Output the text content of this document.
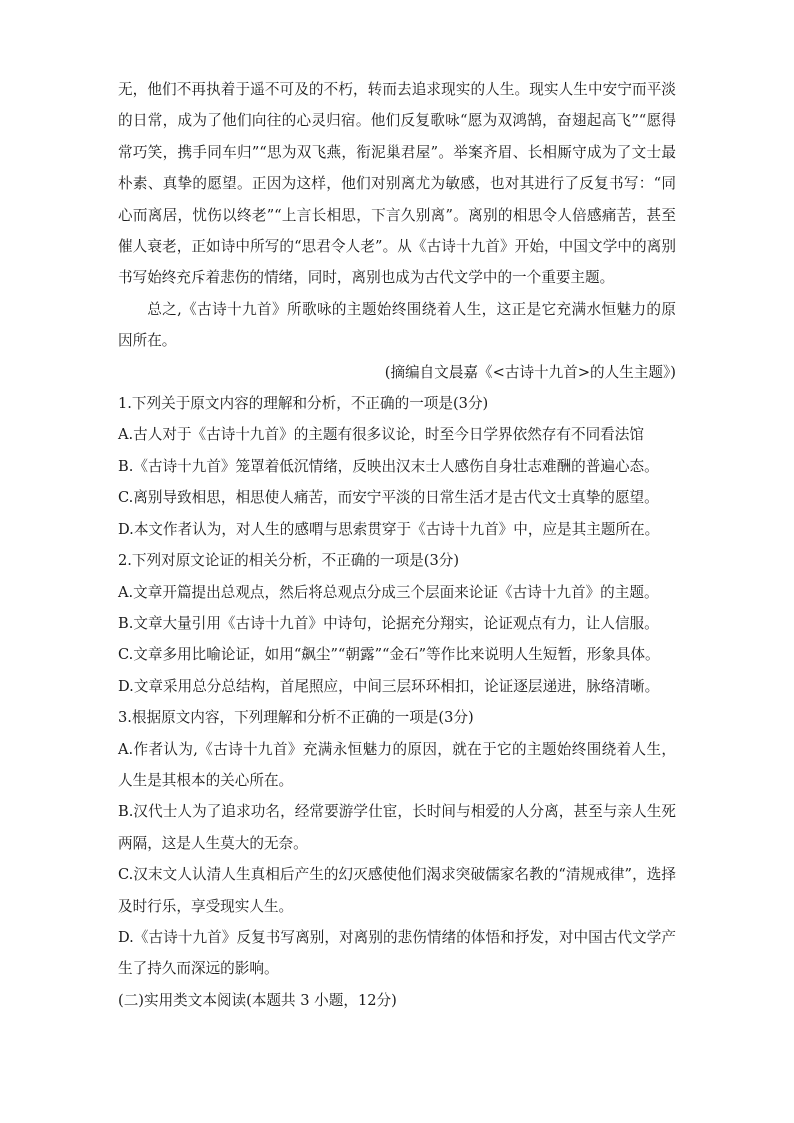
无，他们不再执着于遥不可及的不朽，转而去追求现实的人生。现实人生中安宁而平淡的日常，成为了他们向往的心灵归宿。他们反复歌咏“愿为双鸿鹄，奋翅起高飞”“愿得常巧笑，携手同车归”“思为双飞燕，衔泥巢君屋”。举案齐眉、长相厮守成为了文士最朴素、真挚的愿望。正因为这样，他们对别离尤为敏感，也对其进行了反复书写：“同心而离居，忧伤以终老”“上言长相思，下言久别离”。离别的相思令人倍感痛苦，甚至催人衰老，正如诗中所写的“思君令人老”。从《古诗十九首》开始，中国文学中的离别书写始终充斥着悲伤的情绪，同时，离别也成为古代文学中的一个重要主题。

总之,《古诗十九首》所歌咏的主题始终围绕着人生，这正是它充满水恒魅力的原因所在。

(摘编自文晨嘉《<古诗十九首>的人生主题》)

1.下列关于原文内容的理解和分析，不正确的一项是(3分)

A.古人对于《古诗十九首》的主题有很多议论，时至今日学界依然存有不同看法馆

B.《古诗十九首》笼罩着低沉情绪，反映出汉末士人感伤自身壮志难酬的普遍心态。

C.离别导致相思，相思使人痛苦，而安宁平淡的日常生活才是古代文士真挚的愿望。

D.本文作者认为，对人生的感喟与思索贯穿于《古诗十九首》中，应是其主题所在。

2.下列对原文论证的相关分析，不正确的一项是(3分)

A.文章开篇提出总观点，然后将总观点分成三个层面来论证《古诗十九首》的主题。

B.文章大量引用《古诗十九首》中诗句，论据充分翔实，论证观点有力，让人信服。

C.文章多用比喻论证，如用“飙尘”“朝露”“金石”等作比来说明人生短暂，形象具体。

D.文章采用总分总结构，首尾照应，中间三层环环相扣，论证逐层递进，脉络清晰。

3.根据原文内容，下列理解和分析不正确的一项是(3分)

A.作者认为,《古诗十九首》充满永恒魅力的原因，就在于它的主题始终围绕着人生，人生是其根本的关心所在。

B.汉代士人为了追求功名，经常要游学仕宦，长时间与相爱的人分离，甚至与亲人生死两隔，这是人生莫大的无奈。

C.汉末文人认清人生真相后产生的幻灭感使他们渴求突破儒家名教的“清规戒律”，选择及时行乐，享受现实人生。

D.《古诗十九首》反复书写离别，对离别的悲伤情绪的体悟和抒发，对中国古代文学产生了持久而深远的影响。

(二)实用类文本阅读(本题共 3 小题，12分)
